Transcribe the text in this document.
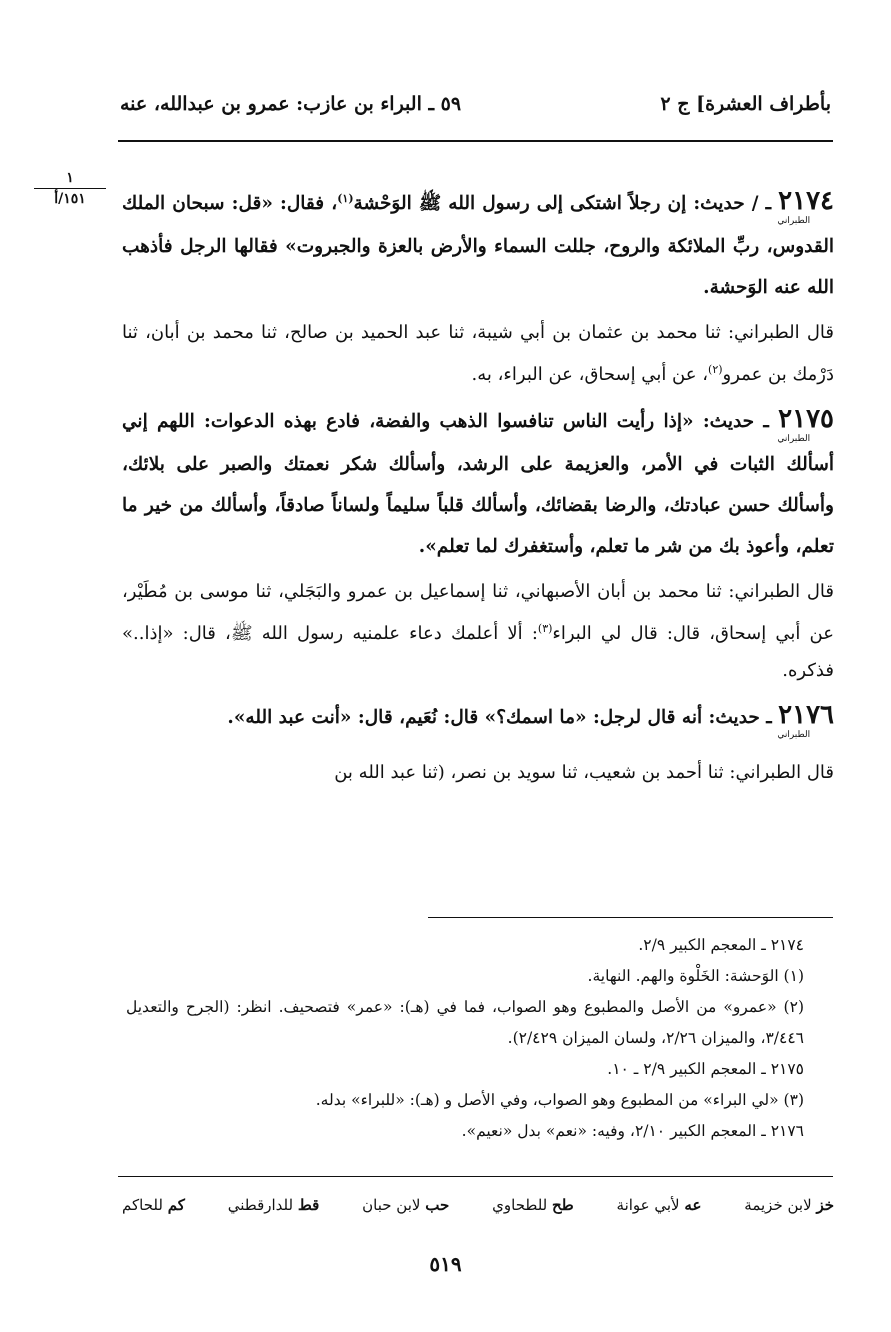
بأطراف العشرة] ج ٢
٥٩ ـ البراء بن عازب: عمرو بن عبدالله، عنه
١
١٥١/أ	٢١٧٤الطبراني ـ / حديث: إن رجلاً اشتكى إلى رسول الله ﷺ الوَحْشة$^{(١)}$، فقال: «قل: سبحان الملك القدوس، ربِّ الملائكة والروح، جللت السماء والأرض بالعزة والجبروت» فقالها الرجل فأذهب الله عنه الوَحشة.

قال الطبراني: ثنا محمد بن عثمان بن أبي شيبة، ثنا عبد الحميد بن صالح، ثنا محمد بن أبان، ثنا دَرْمك بن عمرو$^{(٢)}$، عن أبي إسحاق، عن البراء، به.

٢١٧٥الطبراني ـ حديث: «إذا رأيت الناس تنافسوا الذهب والفضة، فادع بهذه الدعوات: اللهم إني أسألك الثبات في الأمر، والعزيمة على الرشد، وأسألك شكر نعمتك والصبر على بلائك، وأسألك حسن عبادتك، والرضا بقضائك، وأسألك قلباً سليماً ولساناً صادقاً، وأسألك من خير ما تعلم، وأعوذ بك من شر ما تعلم، وأستغفرك لما تعلم».

قال الطبراني: ثنا محمد بن أبان الأصبهاني، ثنا إسماعيل بن عمرو والبَجَلي، ثنا موسى بن مُطَيْر، عن أبي إسحاق، قال: قال لي البراء$^{(٣)}$: ألا أعلمك دعاء علمنيه رسول الله ﷺ، قال: «إذا..» فذكره.

٢١٧٦الطبراني ـ حديث: أنه قال لرجل: «ما اسمك؟» قال: نُعَيم، قال: «أنت عبد الله».

قال الطبراني: ثنا أحمد بن شعيب، ثنا سويد بن نصر، (ثنا عبد الله بن

٢١٧٤ ـ المعجم الكبير ٢/٩.

(١) الوَحشة: الخَلْوة والهم. النهاية.

(٢) «عمرو» من الأصل والمطبوع وهو الصواب، فما في (هـ): «عمر» فتصحيف. انظر: (الجرح والتعديل ٣/٤٤٦، والميزان ٢/٢٦، ولسان الميزان ٢/٤٢٩).

٢١٧٥ ـ المعجم الكبير ٢/٩ ـ ١٠.

(٣) «لي البراء» من المطبوع وهو الصواب، وفي الأصل و (هـ): «للبراء» بدله.

٢١٧٦ ـ المعجم الكبير ٢/١٠، وفيه: «نعم» بدل «نعيم».

خز لابن خزيمة
عه لأبي عوانة
طح للطحاوي
حب لابن حبان
قط للدارقطني
كم للحاكم
٥١٩
